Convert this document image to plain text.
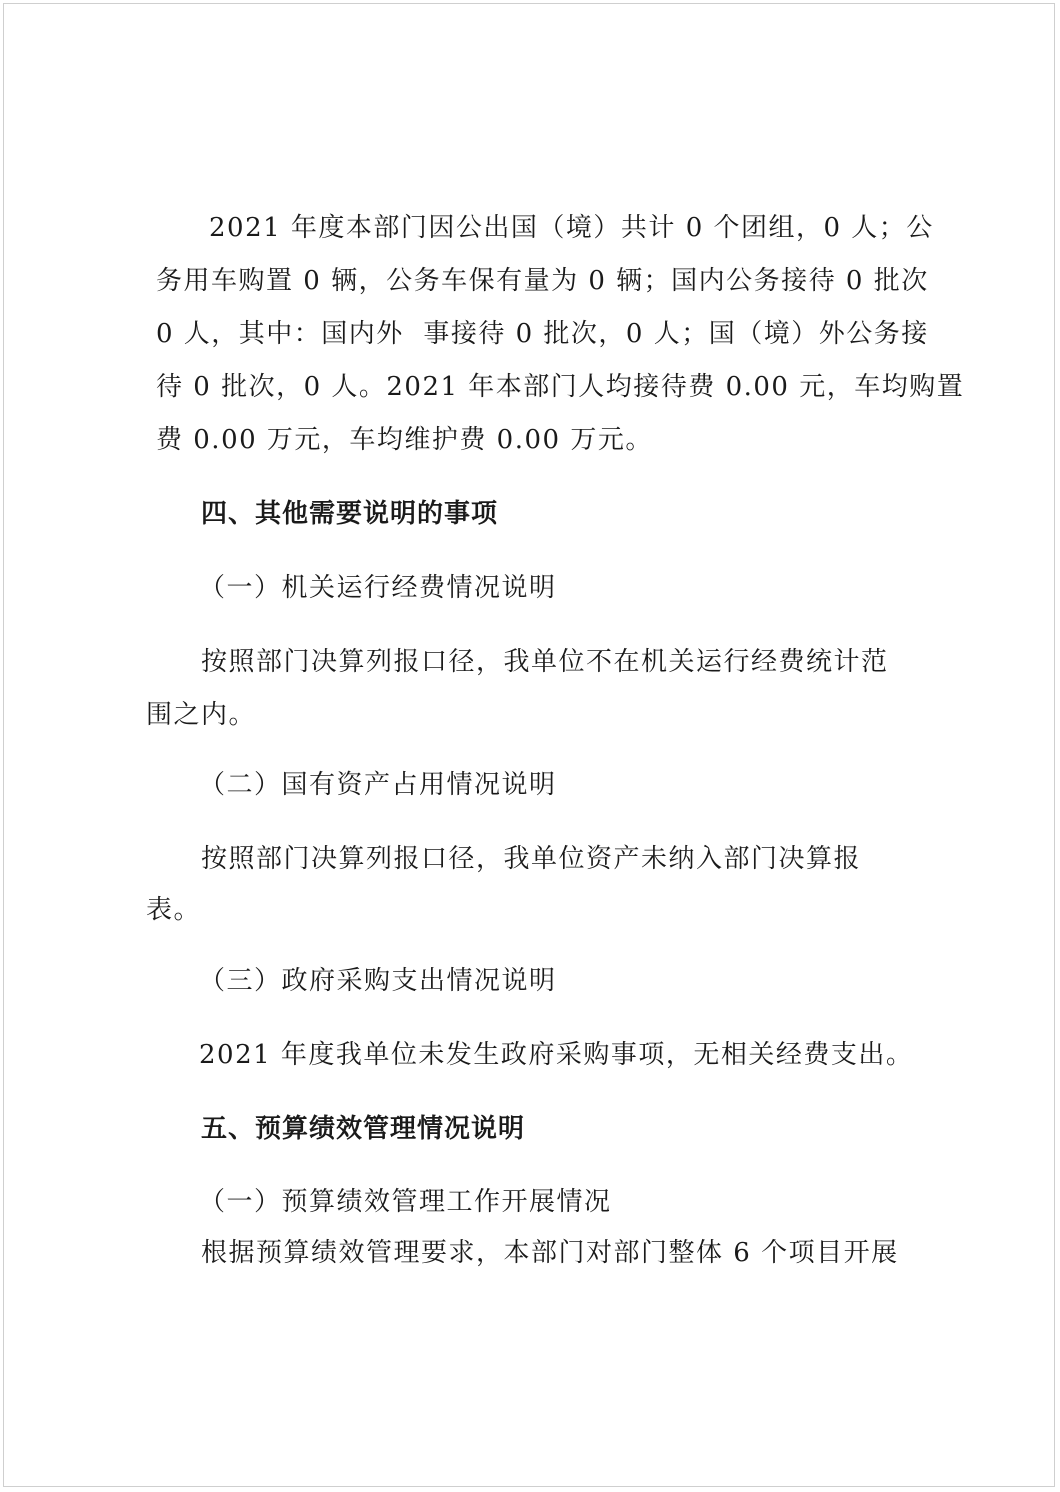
2021 年度本部门因公出国（境）共计 0 个团组，0 人；公
务用车购置 0 辆，公务车保有量为 0 辆；国内公务接待 0 批次
0 人，其中：国内外  事接待 0 批次，0 人；国（境）外公务接
待 0 批次，0 人。2021 年本部门人均接待费 0.00 元，车均购置
费 0.00 万元，车均维护费 0.00 万元。
四、其他需要说明的事项
（一）机关运行经费情况说明
按照部门决算列报口径，我单位不在机关运行经费统计范
围之内。
（二）国有资产占用情况说明
按照部门决算列报口径，我单位资产未纳入部门决算报
表。
（三）政府采购支出情况说明
2021 年度我单位未发生政府采购事项，无相关经费支出。
五、预算绩效管理情况说明
（一）预算绩效管理工作开展情况
根据预算绩效管理要求，本部门对部门整体 6 个项目开展
